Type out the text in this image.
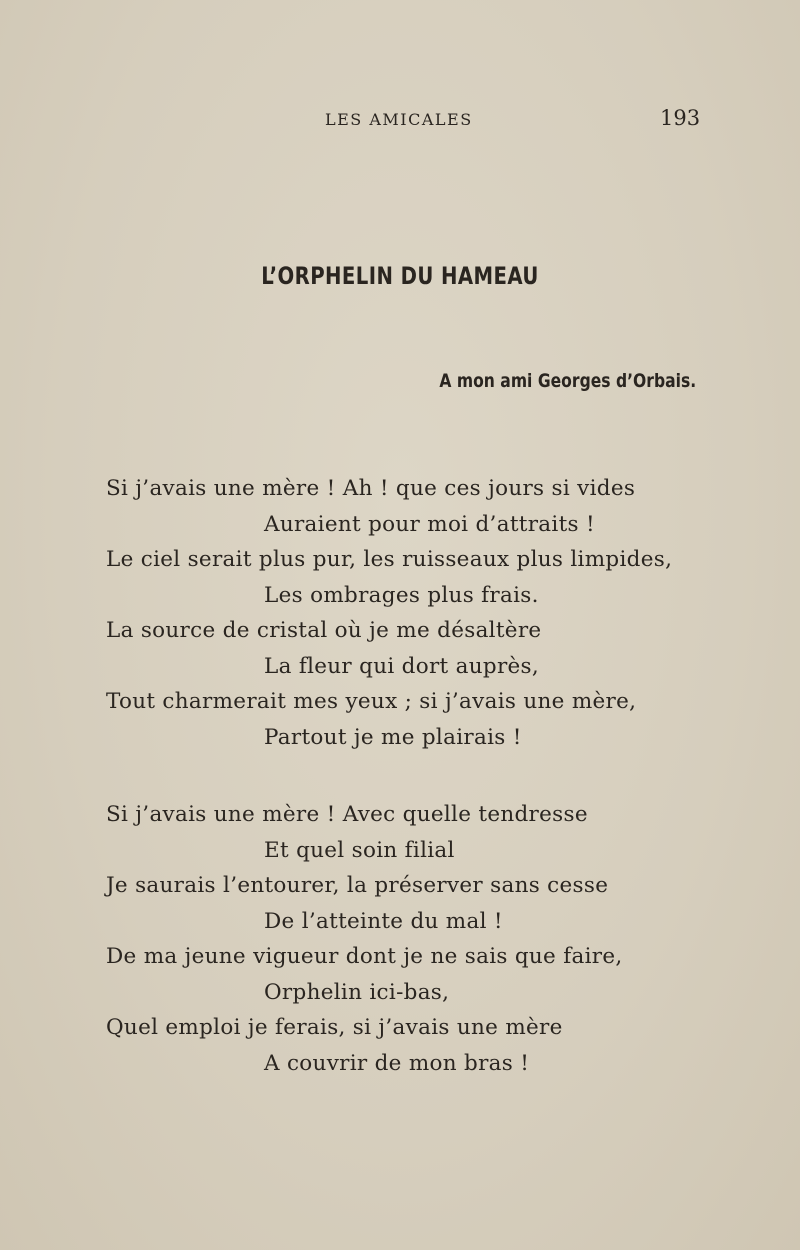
LES AMICALES	193
L’ORPHELIN DU HAMEAU
A mon ami Georges d’Orbais.
Si j’avais une mère ! Ah ! que ces jours si vides
Auraient pour moi d’attraits !
Le ciel serait plus pur, les ruisseaux plus limpides,
Les ombrages plus frais.
La source de cristal où je me désaltère
La fleur qui dort auprès,
Tout charmerait mes yeux ; si j’avais une mère,
Partout je me plairais !
Si j’avais une mère ! Avec quelle tendresse
Et quel soin filial
Je saurais l’entourer, la préserver sans cesse
De l’atteinte du mal !
De ma jeune vigueur dont je ne sais que faire,
Orphelin ici-bas,
Quel emploi je ferais, si j’avais une mère
A couvrir de mon bras !
